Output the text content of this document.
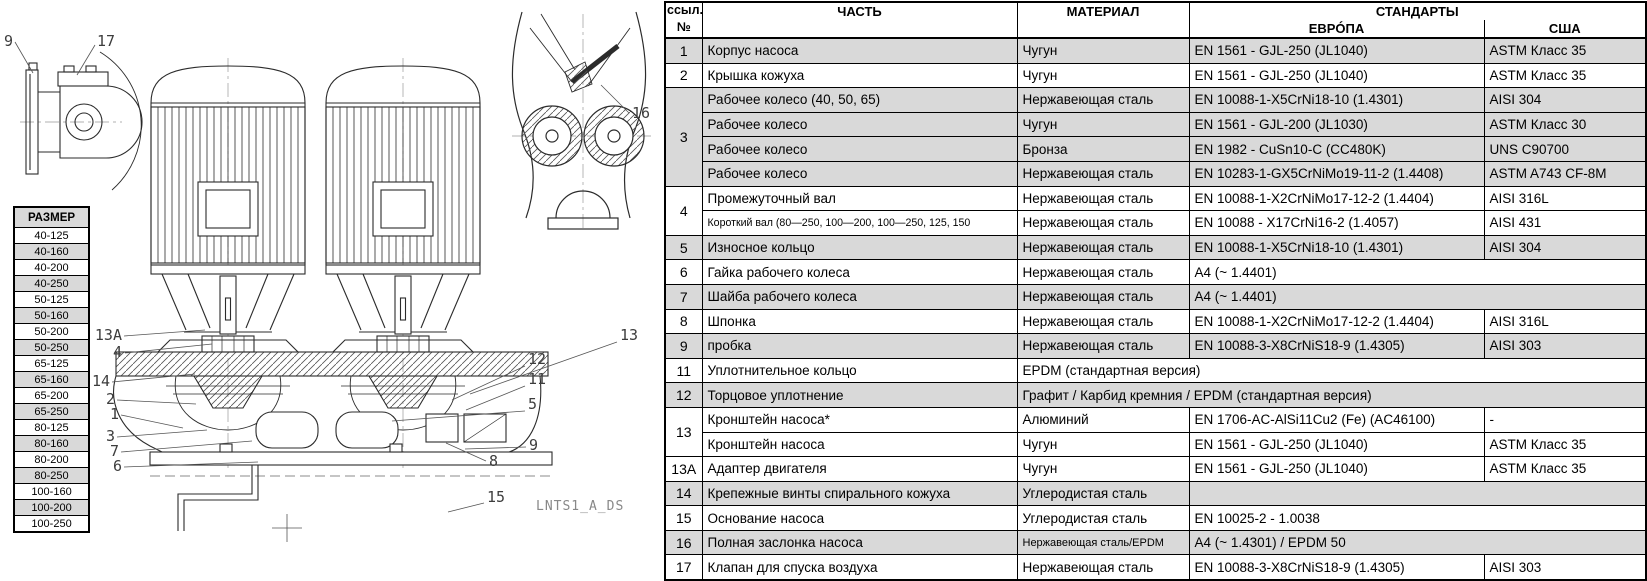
9	17
13A
4
14
2
1
3
7
6
13
12
11
5
9
8
15
16
LNTS1_A_DS
РАЗМЕР
40-125
40-160
40-200
40-250
50-125
50-160
50-200
50-250
65-125
65-160
65-200
65-250
80-125
80-160
80-200
80-250
100-160
100-200
100-250
ссыл.
№	ЧАСТЬ	МАТЕРИАЛ	СТАНДАРТЫ	
			ЕВРÓПА	США
1	Корпус насоса	Чугун	EN 1561 - GJL-250 (JL1040)	ASTM Класс 35
2	Крышка кожуха	Чугун	EN 1561 - GJL-250 (JL1040)	ASTM Класс 35
3	Рабочее колесо (40, 50, 65)	Нержавеющая сталь	EN 10088-1-X5CrNi18-10 (1.4301)	AISI 304
	Рабочее колесо	Чугун	EN 1561 - GJL-200 (JL1030)	ASTM Класс 30
	Рабочее колесо	Бронза	EN 1982 - CuSn10-C (CC480K)	UNS C90700
	Рабочее колесо	Нержавеющая сталь	EN 10283-1-GX5CrNiMo19-11-2 (1.4408)	ASTM A743 CF-8M
4	Промежуточный вал	Нержавеющая сталь	EN 10088-1-X2CrNiMo17-12-2 (1.4404)	AISI 316L
	Короткий вал (80—250, 100—200, 100—250, 125, 150	Нержавеющая сталь	EN 10088 - X17CrNi16-2 (1.4057)	AISI 431
5	Износное кольцо	Нержавеющая сталь	EN 10088-1-X5CrNi18-10 (1.4301)	AISI 304
6	Гайка рабочего колеса	Нержавеющая сталь	A4 (~ 1.4401)	
7	Шайба рабочего колеса	Нержавеющая сталь	A4 (~ 1.4401)	
8	Шпонка	Нержавеющая сталь	EN 10088-1-X2CrNiMo17-12-2 (1.4404)	AISI 316L
9	пробка	Нержавеющая сталь	EN 10088-3-X8CrNiS18-9 (1.4305)	AISI 303
11	Уплотнительное кольцо	EPDM (стандартная версия)		
12	Торцовое уплотнение	Графит / Карбид кремния / EPDM (стандартная версия)		
13	Кронштейн насоса*	Алюминий	EN 1706-AC-AlSi11Cu2 (Fe) (AC46100)	-
	Кронштейн насоса	Чугун	EN 1561 - GJL-250 (JL1040)	ASTM Класс 35
13A	Адаптер двигателя	Чугун	EN 1561 - GJL-250 (JL1040)	ASTM Класс 35
14	Крепежные винты спирального кожуха	Углеродистая сталь		
15	Основание насоса	Углеродистая сталь	EN 10025-2 - 1.0038	
16	Полная заслонка насоса	Нержавеющая сталь/EPDM	A4 (~ 1.4301) / EPDM 50	
17	Клапан для спуска воздуха	Нержавеющая сталь	EN 10088-3-X8CrNiS18-9 (1.4305)	AISI 303
